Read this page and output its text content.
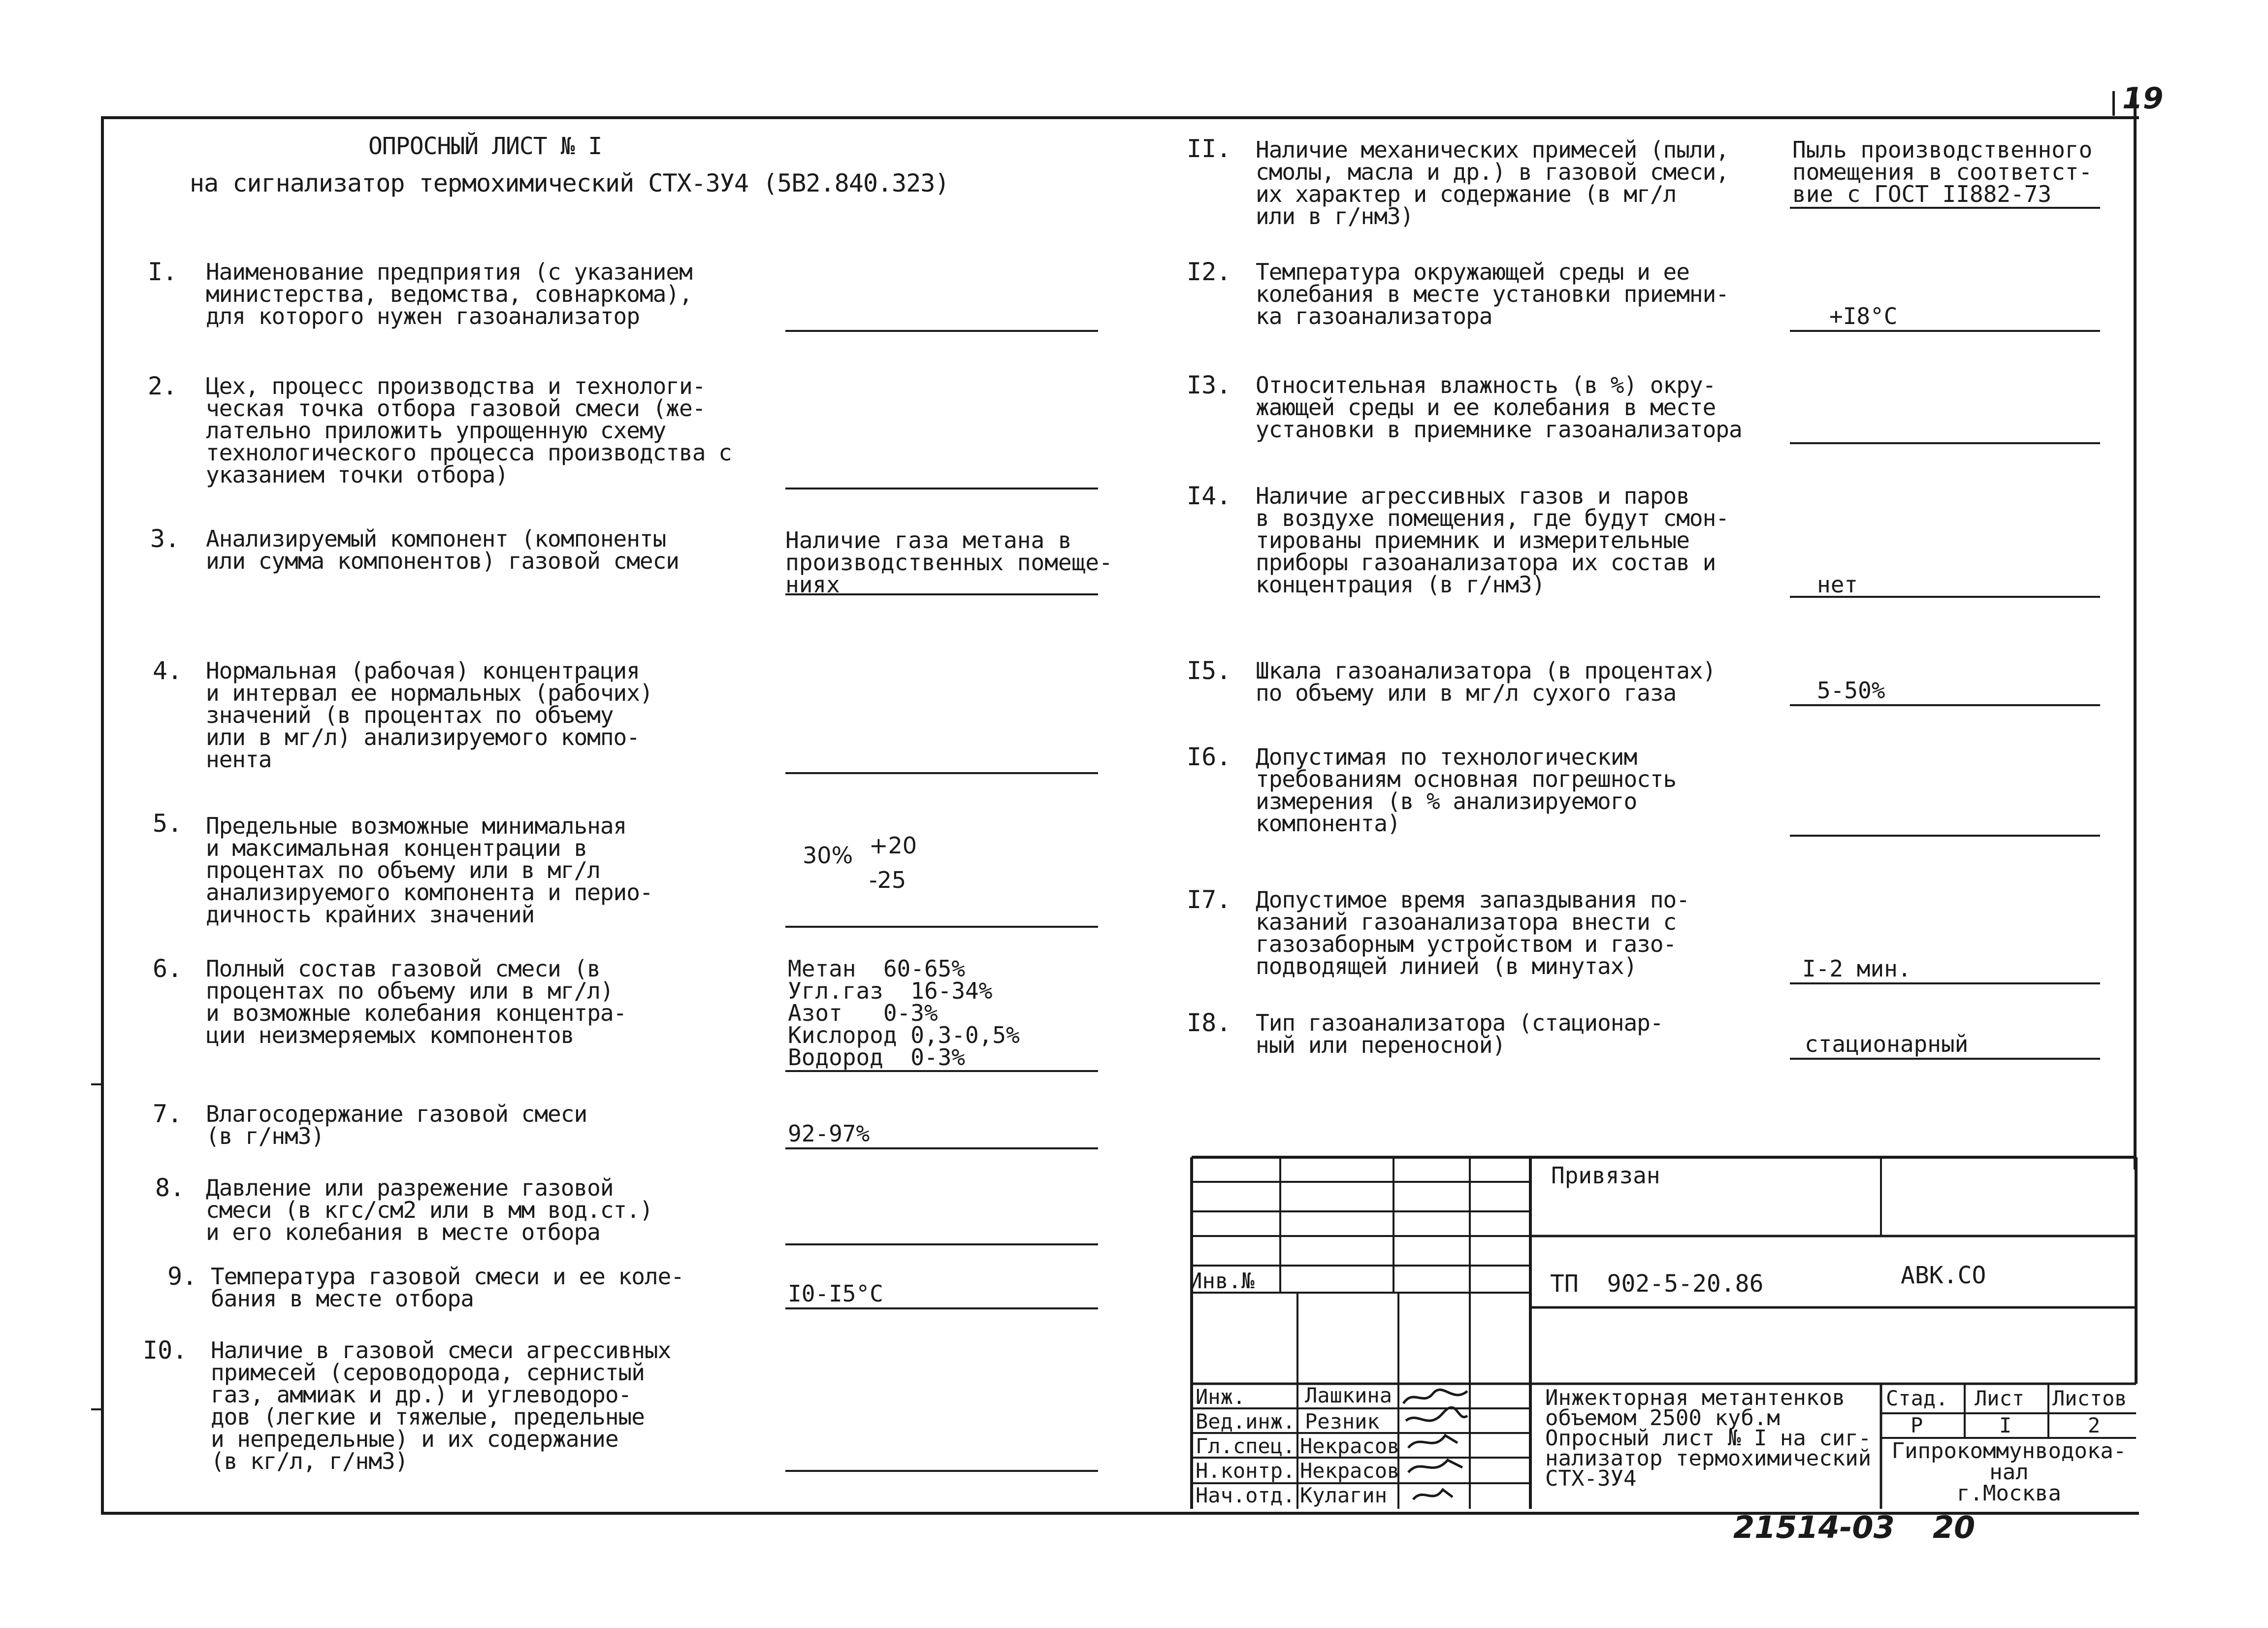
19
ОПРОСНЫЙ ЛИСТ № I
на сигнализатор термохимический СТХ-3У4 (5В2.840.323)
I. Наименование предприятия (с указанием
министерства, ведомства, совнаркома),
для которого нужен газоанализатор
2. Цех, процесс производства и технологи-
ческая точка отбора газовой смеси (же-
лательно приложить упрощенную схему
технологического процесса производства с
указанием точки отбора)
3. Анализируемый компонент (компоненты
или сумма компонентов) газовой смеси
Наличие газа метана в
производственных помеще-
ниях
4. Нормальная (рабочая) концентрация
и интервал ее нормальных (рабочих)
значений (в процентах по объему
или в мг/л) анализируемого компо-
нента
5. Предельные возможные минимальная
и максимальная концентрации в
процентах по объему или в мг/л
анализируемого компонента и перио-
дичность крайних значений
30% +20
-25
6. Полный состав газовой смеси (в
процентах по объему или в мг/л)
и возможные колебания концентра-
ции неизмеряемых компонентов
Метан  60-65%
Угл.газ  16-34%
Азот   0-3%
Кислород 0,3-0,5%
Водород  0-3%
7. Влагосодержание газовой смеси
(в г/нм3)	92-97%
8. Давление или разрежение газовой
смеси (в кгс/см2 или в мм вод.ст.)
и его колебания в месте отбора
9. Температура газовой смеси и ее коле-
бания в месте отбора	I0-I5°C
I0. Наличие в газовой смеси агрессивных
примесей (сероводорода, сернистый
газ, аммиак и др.) и углеводоро-
дов (легкие и тяжелые, предельные
и непредельные) и их содержание
(в кг/л, г/нм3)
II. Наличие механических примесей (пыли,
смолы, масла и др.) в газовой смеси,
их характер и содержание (в мг/л
или в г/нм3)
Пыль производственного
помещения в соответст-
вие с ГОСТ II882-73
I2. Температура окружающей среды и ее
колебания в месте установки приемни-
ка газоанализатора	+I8°C
I3. Относительная влажность (в %) окру-
жающей среды и ее колебания в месте
установки в приемнике газоанализатора
I4. Наличие агрессивных газов и паров
в воздухе помещения, где будут смон-
тированы приемник и измерительные
приборы газоанализатора их состав и
концентрация (в г/нм3)	нет
I5. Шкала газоанализатора (в процентах)
по объему или в мг/л сухого газа	5-50%
I6. Допустимая по технологическим
требованиям основная погрешность
измерения (в % анализируемого
компонента)
I7. Допустимое время запаздывания по-
казаний газоанализатора внести с
газозаборным устройством и газо-
подводящей линией (в минутах)	I-2 мин.
I8. Тип газоанализатора (стационар-
ный или переносной)	стационарный
Привязан
Инв.№	ТП  902-5-20.86	АВК.СО
Инж.	Лашкина
Вед.инж. Резник
Гл.спец. Некрасов
Н.контр. Некрасов
Нач.отд. Кулагин
Инжекторная метантенков
объемом 2500 куб.м
Опросный лист № I на сиг-
нализатор термохимический
СТХ-3У4
Стад. Лист Листов
Р	I	2
Гипрокоммунводока-
нал
г.Москва
21514-03 20
